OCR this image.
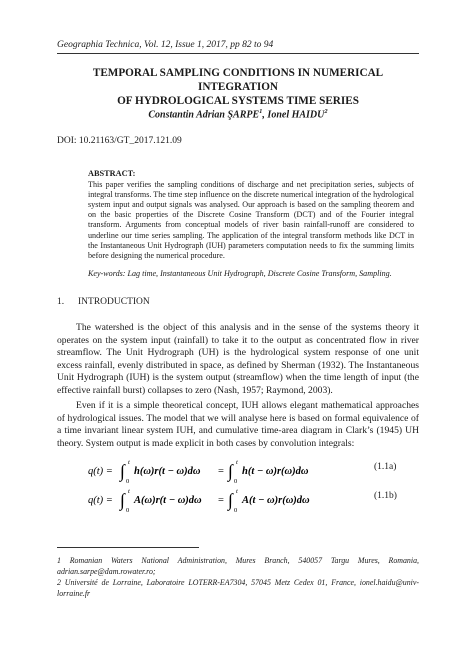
Geographia Technica, Vol. 12, Issue 1, 2017, pp 82 to 94
TEMPORAL SAMPLING CONDITIONS IN NUMERICAL INTEGRATION
OF HYDROLOGICAL SYSTEMS TIME SERIES
Constantin Adrian ŞARPE$^1$, Ionel HAIDU$^2$
DOI: 10.21163/GT_2017.121.09
ABSTRACT:
This paper verifies the sampling conditions of discharge and net precipitation series, subjects of integral transforms. The time step influence on the discrete numerical integration of the hydrological system input and output signals was analysed. Our approach is based on the sampling theorem and on the basic properties of the Discrete Cosine Transform (DCT) and of the Fourier integral transform. Arguments from conceptual models of river basin rainfall-runoff are considered to underline our time series sampling. The application of the integral transform methods like DCT in the Instantaneous Unit Hydrograph (IUH) parameters computation needs to fix the summing limits before designing the numerical procedure.
Key-words: Lag time, Instantaneous Unit Hydrograph, Discrete Cosine Transform, Sampling.
1. INTRODUCTION
The watershed is the object of this analysis and in the sense of the systems theory it operates on the system input (rainfall) to take it to the output as concentrated flow in river streamflow. The Unit Hydrograph (UH) is the hydrological system response of one unit excess rainfall, evenly distributed in space, as defined by Sherman (1932). The Instantaneous Unit Hydrograph (IUH) is the system output (streamflow) when the time length of input (the effective rainfall burst) collapses to zero (Nash, 1957; Raymond, 2003).
Even if it is a simple theoretical concept, IUH allows elegant mathematical approaches of hydrological issues. The model that we will analyse here is based on formal equivalence of a time invariant linear system IUH, and cumulative time-area diagram in Clark’s (1945) UH theory. System output is made explicit in both cases by convolution integrals:
q(t) = ∫ t
0
h(ω)r(t − ω)dω = ∫ t
0
h(t − ω)r(ω)dω	(1.1a)
q(t) = ∫ t
0
A(ω)r(t − ω)dω = ∫ t
0
A(t − ω)r(ω)dω	(1.1b)
1 Romanian Waters National Administration, Mures Branch, 540057 Targu Mures, Romania, adrian.sarpe@dam.rowater.ro;
2 Université de Lorraine, Laboratoire LOTERR-EA7304, 57045 Metz Cedex 01, France, ionel.haidu@univ-lorraine.fr
